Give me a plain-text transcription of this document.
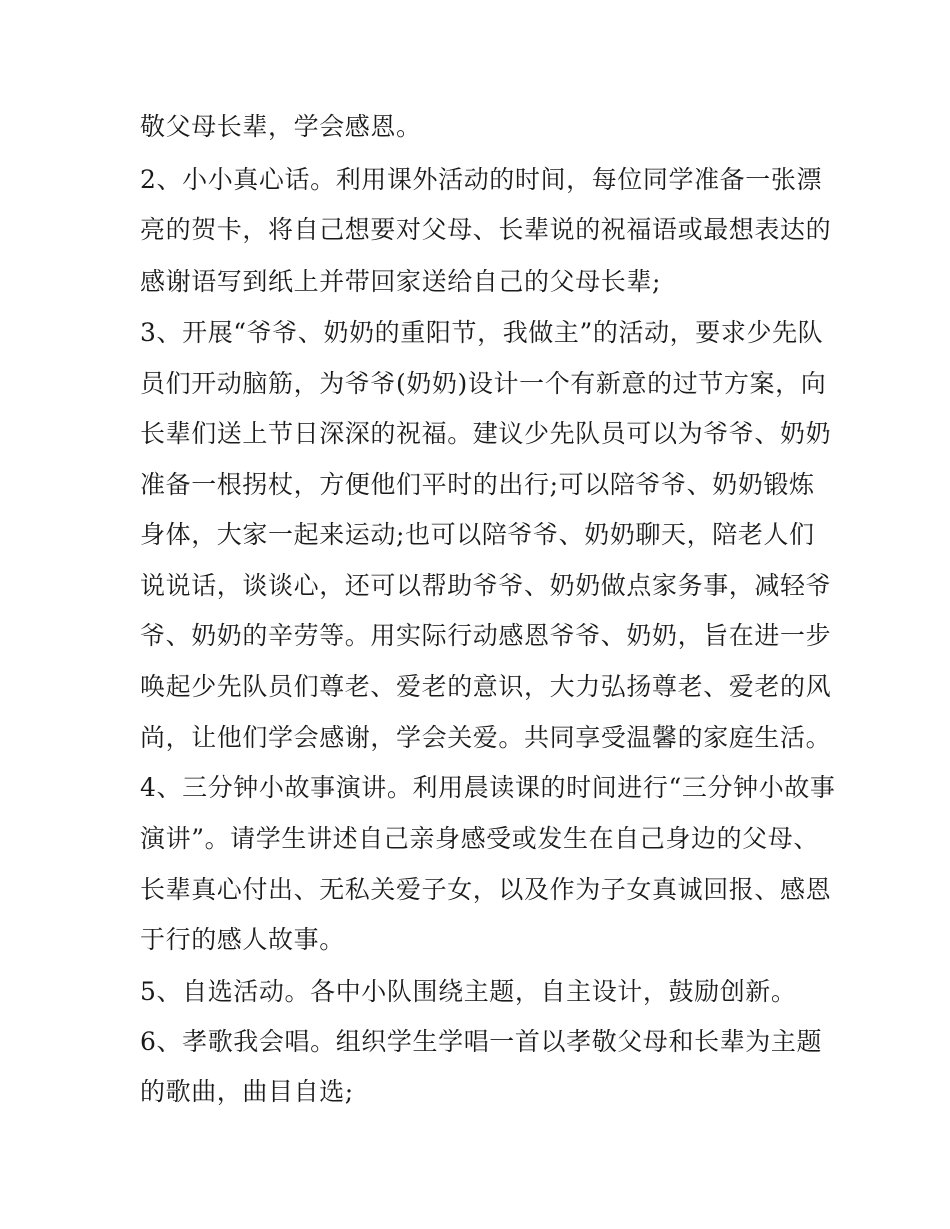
敬父母长辈，学会感恩。
2、小小真心话。利用课外活动的时间，每位同学准备一张漂
亮的贺卡，将自己想要对父母、长辈说的祝福语或最想表达的
感谢语写到纸上并带回家送给自己的父母长辈;
3、开展“爷爷、奶奶的重阳节，我做主”的活动，要求少先队
员们开动脑筋，为爷爷(奶奶)设计一个有新意的过节方案，向
长辈们送上节日深深的祝福。建议少先队员可以为爷爷、奶奶
准备一根拐杖，方便他们平时的出行;可以陪爷爷、奶奶锻炼
身体，大家一起来运动;也可以陪爷爷、奶奶聊天，陪老人们
说说话，谈谈心，还可以帮助爷爷、奶奶做点家务事，减轻爷
爷、奶奶的辛劳等。用实际行动感恩爷爷、奶奶，旨在进一步
唤起少先队员们尊老、爱老的意识，大力弘扬尊老、爱老的风
尚，让他们学会感谢，学会关爱。共同享受温馨的家庭生活。
4、三分钟小故事演讲。利用晨读课的时间进行“三分钟小故事
演讲”。请学生讲述自己亲身感受或发生在自己身边的父母、
长辈真心付出、无私关爱子女，以及作为子女真诚回报、感恩
于行的感人故事。
5、自选活动。各中小队围绕主题，自主设计，鼓励创新。
6、孝歌我会唱。组织学生学唱一首以孝敬父母和长辈为主题
的歌曲，曲目自选;
